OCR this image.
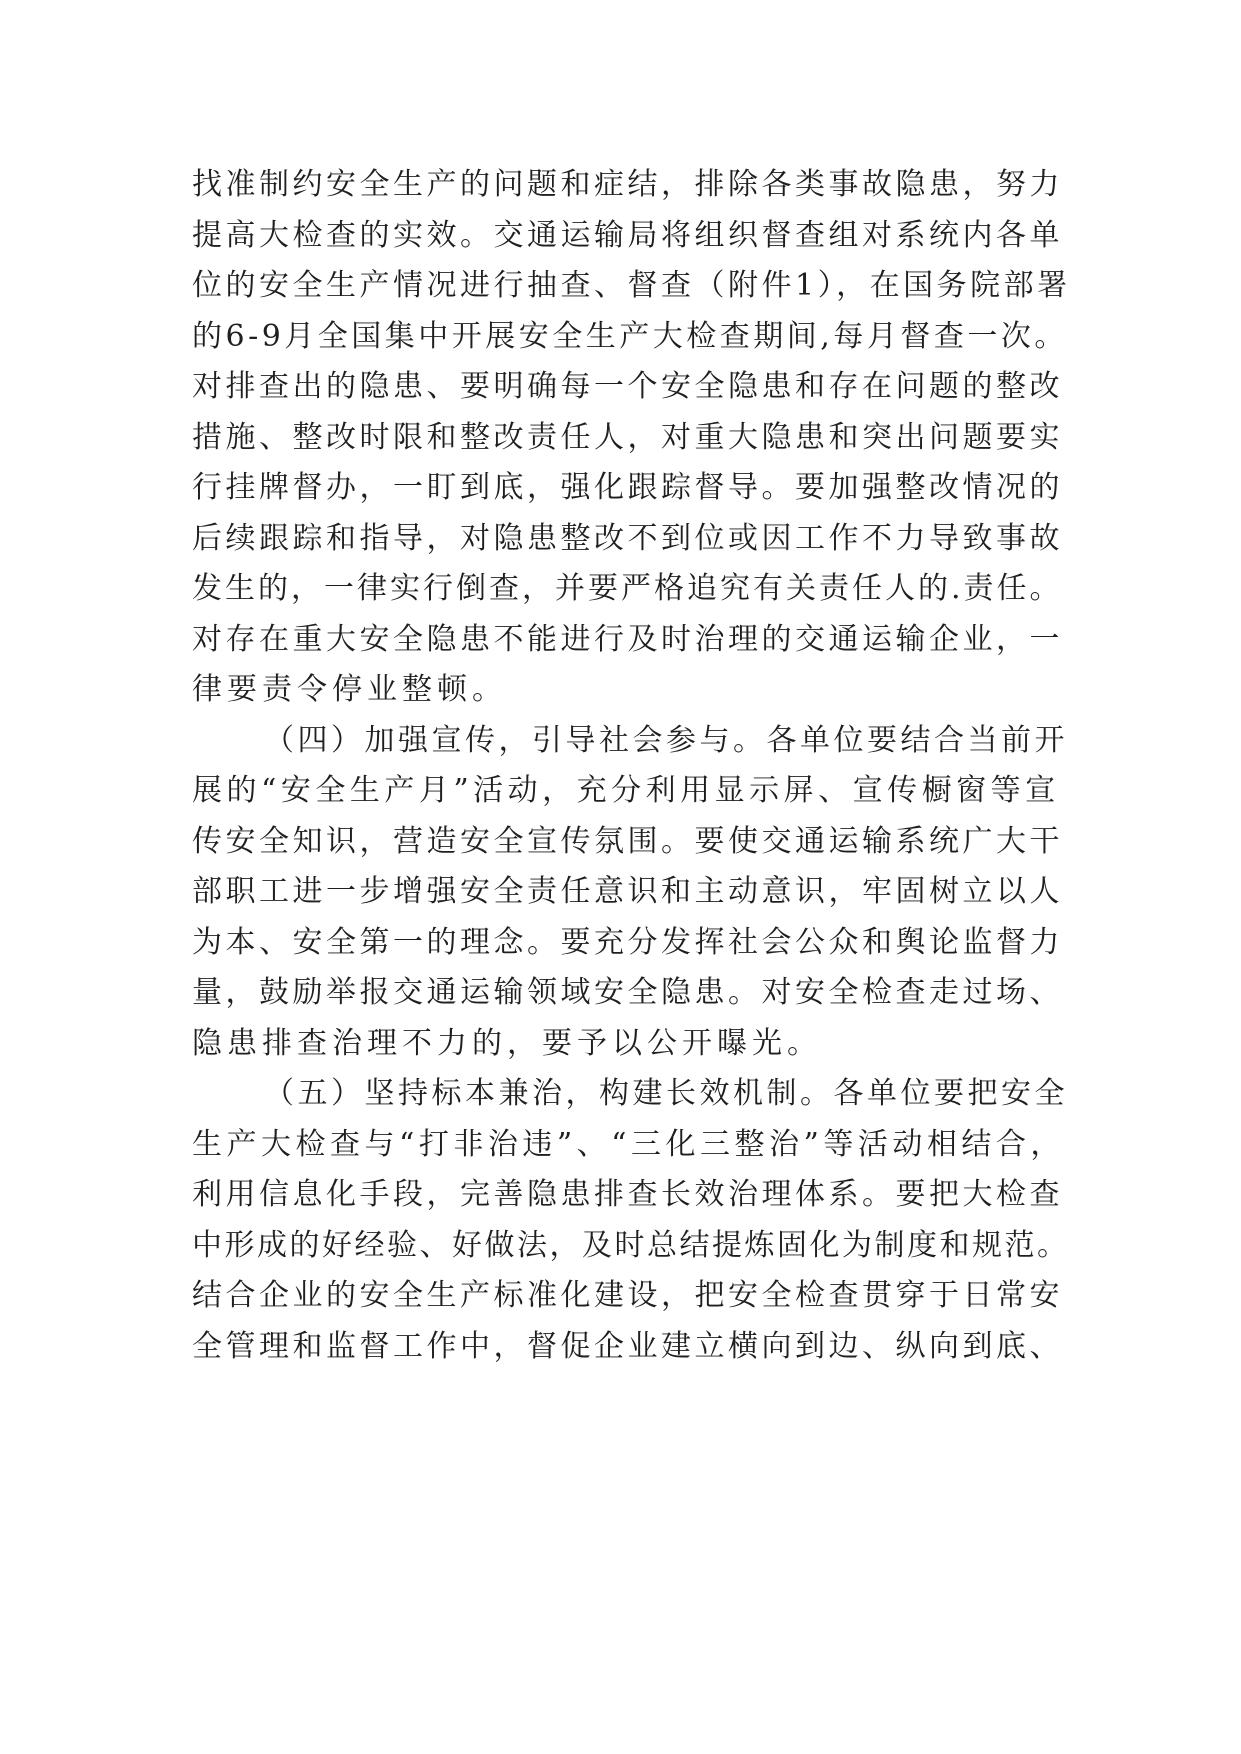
找准制约安全生产的问题和症结，排除各类事故隐患，努力
提高大检查的实效。交通运输局将组织督查组对系统内各单
位的安全生产情况进行抽查、督查（附件1），在国务院部署
的6-9月全国集中开展安全生产大检查期间,每月督查一次。
对排查出的隐患、要明确每一个安全隐患和存在问题的整改
措施、整改时限和整改责任人，对重大隐患和突出问题要实
行挂牌督办，一盯到底，强化跟踪督导。要加强整改情况的
后续跟踪和指导，对隐患整改不到位或因工作不力导致事故
发生的，一律实行倒查，并要严格追究有关责任人的.责任。
对存在重大安全隐患不能进行及时治理的交通运输企业，一
律要责令停业整顿。
（四）加强宣传，引导社会参与。各单位要结合当前开
展的“安全生产月”活动，充分利用显示屏、宣传橱窗等宣
传安全知识，营造安全宣传氛围。要使交通运输系统广大干
部职工进一步增强安全责任意识和主动意识，牢固树立以人
为本、安全第一的理念。要充分发挥社会公众和舆论监督力
量，鼓励举报交通运输领域安全隐患。对安全检查走过场、
隐患排查治理不力的，要予以公开曝光。
（五）坚持标本兼治，构建长效机制。各单位要把安全
生产大检查与“打非治违”、“三化三整治”等活动相结合，
利用信息化手段，完善隐患排查长效治理体系。要把大检查
中形成的好经验、好做法，及时总结提炼固化为制度和规范。
结合企业的安全生产标准化建设，把安全检查贯穿于日常安
全管理和监督工作中，督促企业建立横向到边、纵向到底、
